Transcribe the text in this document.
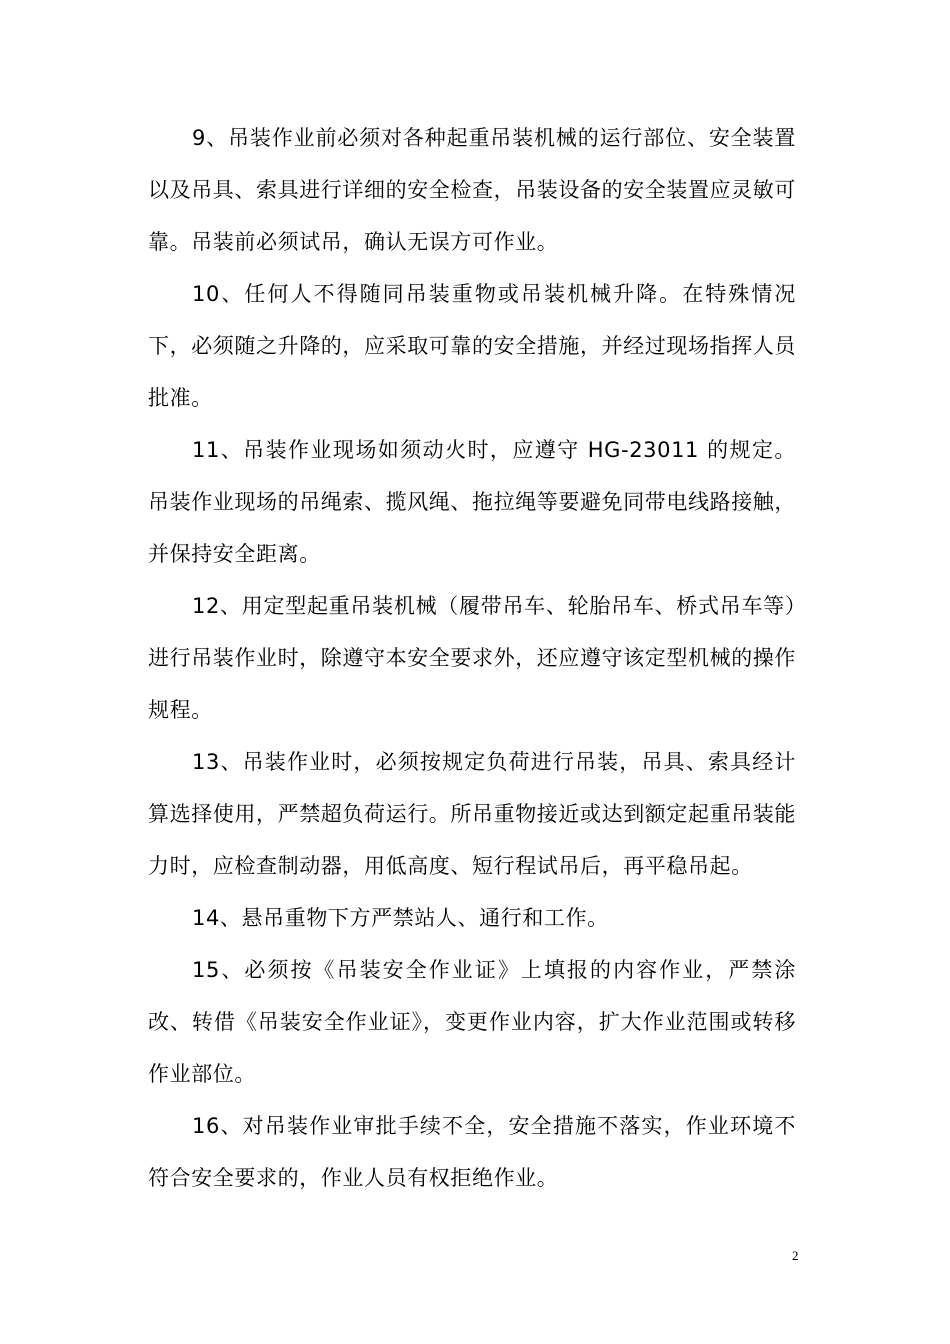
9、吊装作业前必须对各种起重吊装机械的运行部位、安全装置以及吊具、索具进行详细的安全检查，吊装设备的安全装置应灵敏可靠。吊装前必须试吊，确认无误方可作业。

10、任何人不得随同吊装重物或吊装机械升降。在特殊情况下，必须随之升降的，应采取可靠的安全措施，并经过现场指挥人员批准。

11、吊装作业现场如须动火时，应遵守 HG-23011 的规定。吊装作业现场的吊绳索、揽风绳、拖拉绳等要避免同带电线路接触，并保持安全距离。

12、用定型起重吊装机械（履带吊车、轮胎吊车、桥式吊车等）进行吊装作业时，除遵守本安全要求外，还应遵守该定型机械的操作规程。

13、吊装作业时，必须按规定负荷进行吊装，吊具、索具经计算选择使用，严禁超负荷运行。所吊重物接近或达到额定起重吊装能力时，应检查制动器，用低高度、短行程试吊后，再平稳吊起。

14、悬吊重物下方严禁站人、通行和工作。

15、必须按《吊装安全作业证》上填报的内容作业，严禁涂改、转借《吊装安全作业证》，变更作业内容，扩大作业范围或转移作业部位。

16、对吊装作业审批手续不全，安全措施不落实，作业环境不符合安全要求的，作业人员有权拒绝作业。

2
